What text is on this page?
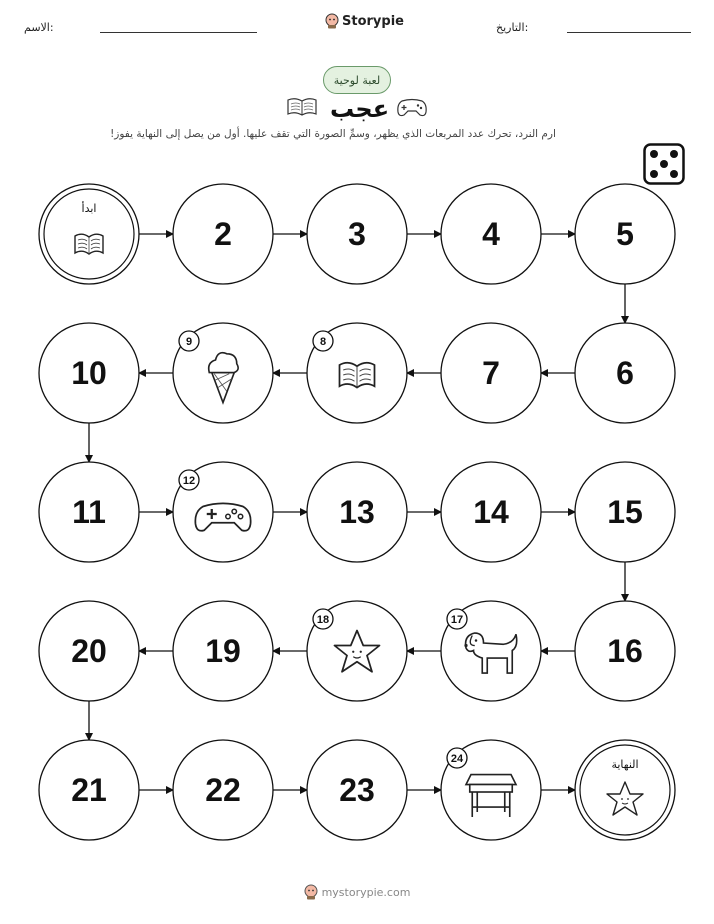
الاسم:	Storypie	التاريخ:
لعبة لوحية
عجب
ارم النرد، تحرك عدد المربعات الذي يظهر، وسمِّ الصورة التي تقف عليها. أول من يصل إلى النهاية يفوز!
ابدأ
2	3	4	5
6
7
8
9
10
11
12
13	14	15
16
17
18
19
20
21	22	23
24	النهاية
mystorypie.com
